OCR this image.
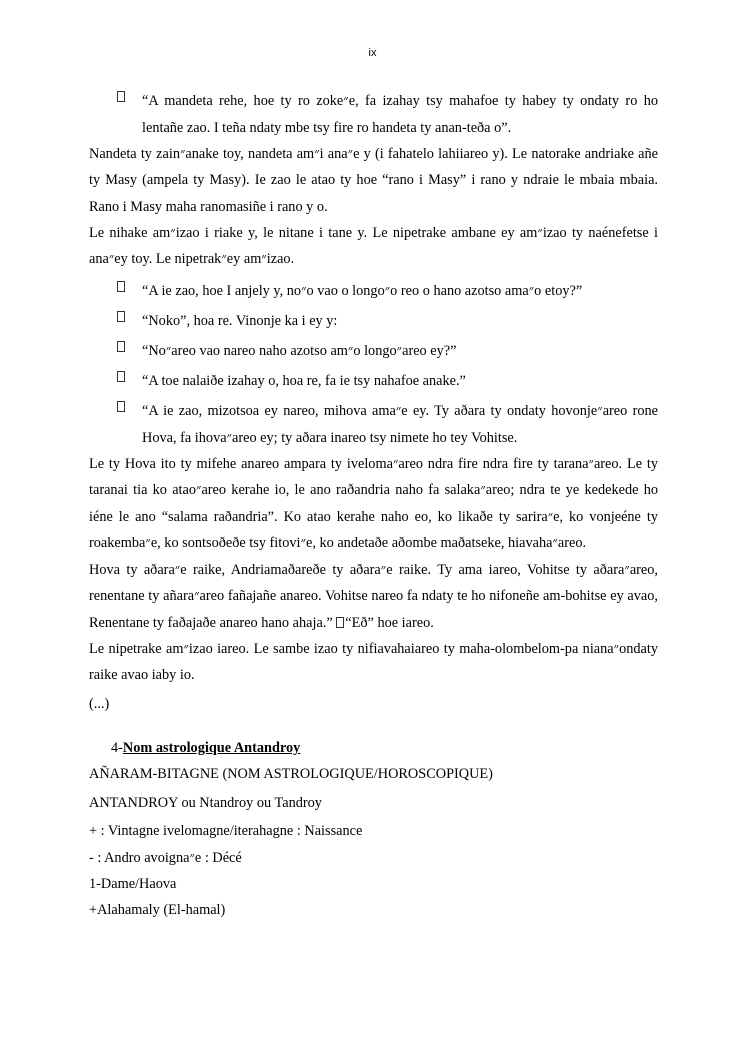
ix
“A mandeta rehe, hoe ty ro zoke״e, fa izahay tsy mahafoe ty habey ty ondaty ro ho lentañe zao. I teña ndaty mbe tsy fire ro handeta ty anan-teða o”.
Nandeta ty zain״anake toy, nandeta am״i ana״e y (i fahatelo lahiiareo y). Le natorake andriake añe ty Masy (ampela ty Masy). Ie zao le atao ty hoe “rano i Masy” i rano y ndraie le mbaia mbaia. Rano i Masy maha ranomasiñe i rano y o.
Le nihake am״izao i riake y, le nitane i tane y. Le nipetrake ambane ey am״izao ty naénefetse i ana״ey toy. Le nipetrak״ey am״izao.
“A ie zao, hoe I anjely y, no״o vao o longo״o reo o hano azotso ama״o etoy?”
“Noko”, hoa re. Vinonje ka i ey y:
“No״areo vao nareo naho azotso am״o longo״areo ey?”
“A toe nalaiðe izahay o, hoa re, fa ie tsy nahafoe anake.”
“A ie zao, mizotsoa ey nareo, mihova ama״e ey. Ty aðara ty ondaty hovonje״areo rone Hova, fa ihova״areo ey; ty aðara inareo tsy nimete ho tey Vohitse.
Le ty Hova ito ty mifehe anareo ampara ty iveloma״areo ndra fire ndra fire ty tarana״areo. Le ty taranai tia ko atao״areo kerahe io, le ano raðandria naho fa salaka״areo; ndra te ye kedekede ho iéne le ano “salama raðandria”. Ko atao kerahe naho eo, ko likaðe ty sarira״e, ko vonjeéne ty roakemba״e, ko sontsoðeðe tsy fitovi״e, ko andetaðe aðombe maðatseke, hiavaha״areo.
Hova ty aðara״e raike, Andriamaðareðe ty aðara״e raike. Ty ama iareo, Vohitse ty aðara״areo, renentane ty añara״areo fañajañe anareo. Vohitse nareo fa ndaty te ho nifoneñe am-bohitse ey avao, Renentane ty faðajaðe anareo hano ahaja.” “Eð” hoe iareo.
Le nipetrake am״izao iareo. Le sambe izao ty nifiavahaiareo ty maha-olombelom-pa niana״ondaty raike avao iaby io.
(...)
4-Nom astrologique Antandroy
AÑARAM-BITAGNE (NOM ASTROLOGIQUE/HOROSCOPIQUE)
ANTANDROY ou Ntandroy ou Tandroy
+ : Vintagne ivelomagne/iterahagne : Naissance
- : Andro avoigna״e : Décé
1-Dame/Haova
+Alahamaly (El-hamal)
